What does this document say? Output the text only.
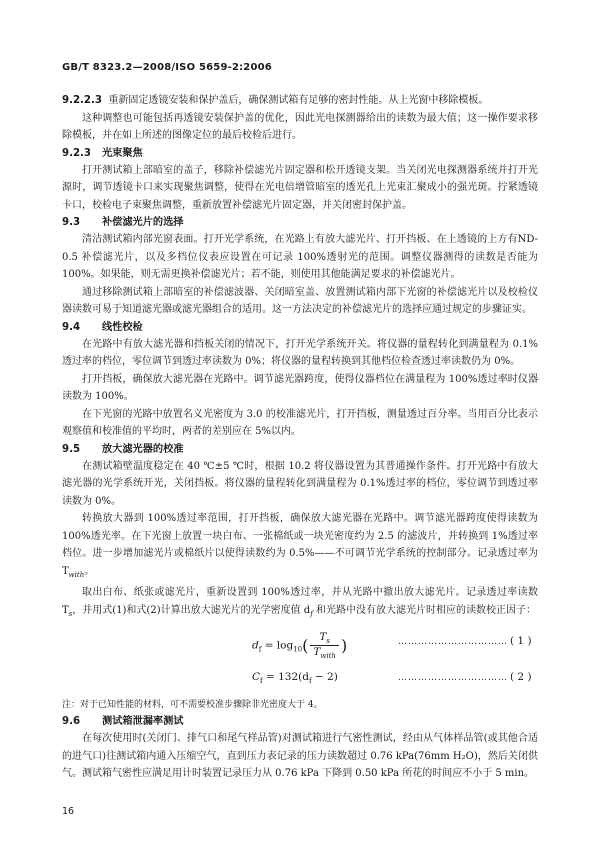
GB/T 8323.2—2008/ISO 5659-2:2006
9.2.2.3 重新固定透镜安装和保护盖后，确保测试箱有足够的密封性能。从上光窗中移除模板。
这种调整也可能包括再透镜安装保护盖的优化，因此光电探测器给出的读数为最大值；这一操作要求移除模板，并在如上所述的图像定位的最后校检后进行。
9.2.3 光束聚焦
打开测试箱上部暗室的盖子，移除补偿滤光片固定器和松开透镜支架。当关闭光电探测器系统并打开光源时，调节透镜卡口来实现聚焦调整，使得在光电倍增管暗室的透光孔上光束汇聚成小的强光斑。拧紧透镜卡口，校检电子束聚焦调整，重新放置补偿滤光片固定器，并关闭密封保护盖。
9.3 补偿滤光片的选择
清洁测试箱内部光窗表面。打开光学系统，在光路上有放大滤光片、打开挡板、在上透镜的上方有ND-0.5 补偿滤光片，以及多档位仪表应设置在可记录 100%透射光的范围。调整仪器测得的读数是否能为 100%。如果能，则无需更换补偿滤光片；若不能，则使用其他能满足要求的补偿滤光片。
通过移除测试箱上部暗室的补偿滤波器、关闭暗室盖、放置测试箱内部下光窗的补偿滤光片以及校检仪器读数可易于知道滤光器或滤光器组合的适用。这一方法决定的补偿滤光片的选择应通过规定的步骤证实。
9.4 线性校检
在光路中有放大滤光器和挡板关闭的情况下，打开光学系统开关。将仪器的量程转化到满量程为 0.1%透过率的档位，零位调节到透过率读数为 0%；将仪器的量程转换到其他档位检查透过率读数仍为 0%。
打开挡板，确保放大滤光器在光路中。调节滤光器跨度，使得仪器档位在满量程为 100%透过率时仪器读数为 100%。
在下光窗的光路中放置名义光密度为 3.0 的校准滤光片，打开挡板，测量透过百分率。当用百分比表示观察值和校准值的平均时，两者的差别应在 5%以内。
9.5 放大滤光器的校准
在测试箱壁温度稳定在 40 ℃±5 ℃时，根据 10.2 将仪器设置为其普通操作条件。打开光路中有放大滤光器的光学系统开光，关闭挡板。将仪器的量程转化到满量程为 0.1%透过率的档位，零位调节到透过率读数为 0%。
转换放大器到 100%透过率范围，打开挡板，确保放大滤光器在光路中。调节滤光器跨度使得读数为 100%透光率。在下光窗上放置一块白布、一张棉纸或一块光密度约为 2.5 的滤波片，并转换到 1%透过率档位。进一步增加滤光片或棉纸片以使得读数约为 0.5%——不可调节光学系统的控制部分。记录透过率为 $T_{with}$。
取出白布、纸张或滤光片，重新设置到 100%透过率，并从光路中撤出放大滤光片。记录透过率读数 $T_s$，并用式(1)和式(2)计算出放大滤光片的光学密度值 $d_f$ 和光路中没有放大滤光片时相应的读数校正因子：
$d_f = \log_{10}( \frac{T_s}{T_{with}}$ )	…………………………… ( 1 )
$C_f = 132(d_f - 2)$	…………………………… ( 2 )
注：对于已知性能的材料，可不需要校准步骤除非光密度大于 4。
9.6 测试箱泄漏率测试
在每次使用时(关闭门、排气口和尾气样品管)对测试箱进行气密性测试，经由从气体样品管(或其他合适的进气口)往测试箱内通入压缩空气，直到压力表记录的压力读数超过 0.76 kPa(76mm H₂O)，然后关闭供气。测试箱气密性应满足用计时装置记录压力从 0.76 kPa 下降到 0.50 kPa 所花的时间应不小于 5 min。
16
